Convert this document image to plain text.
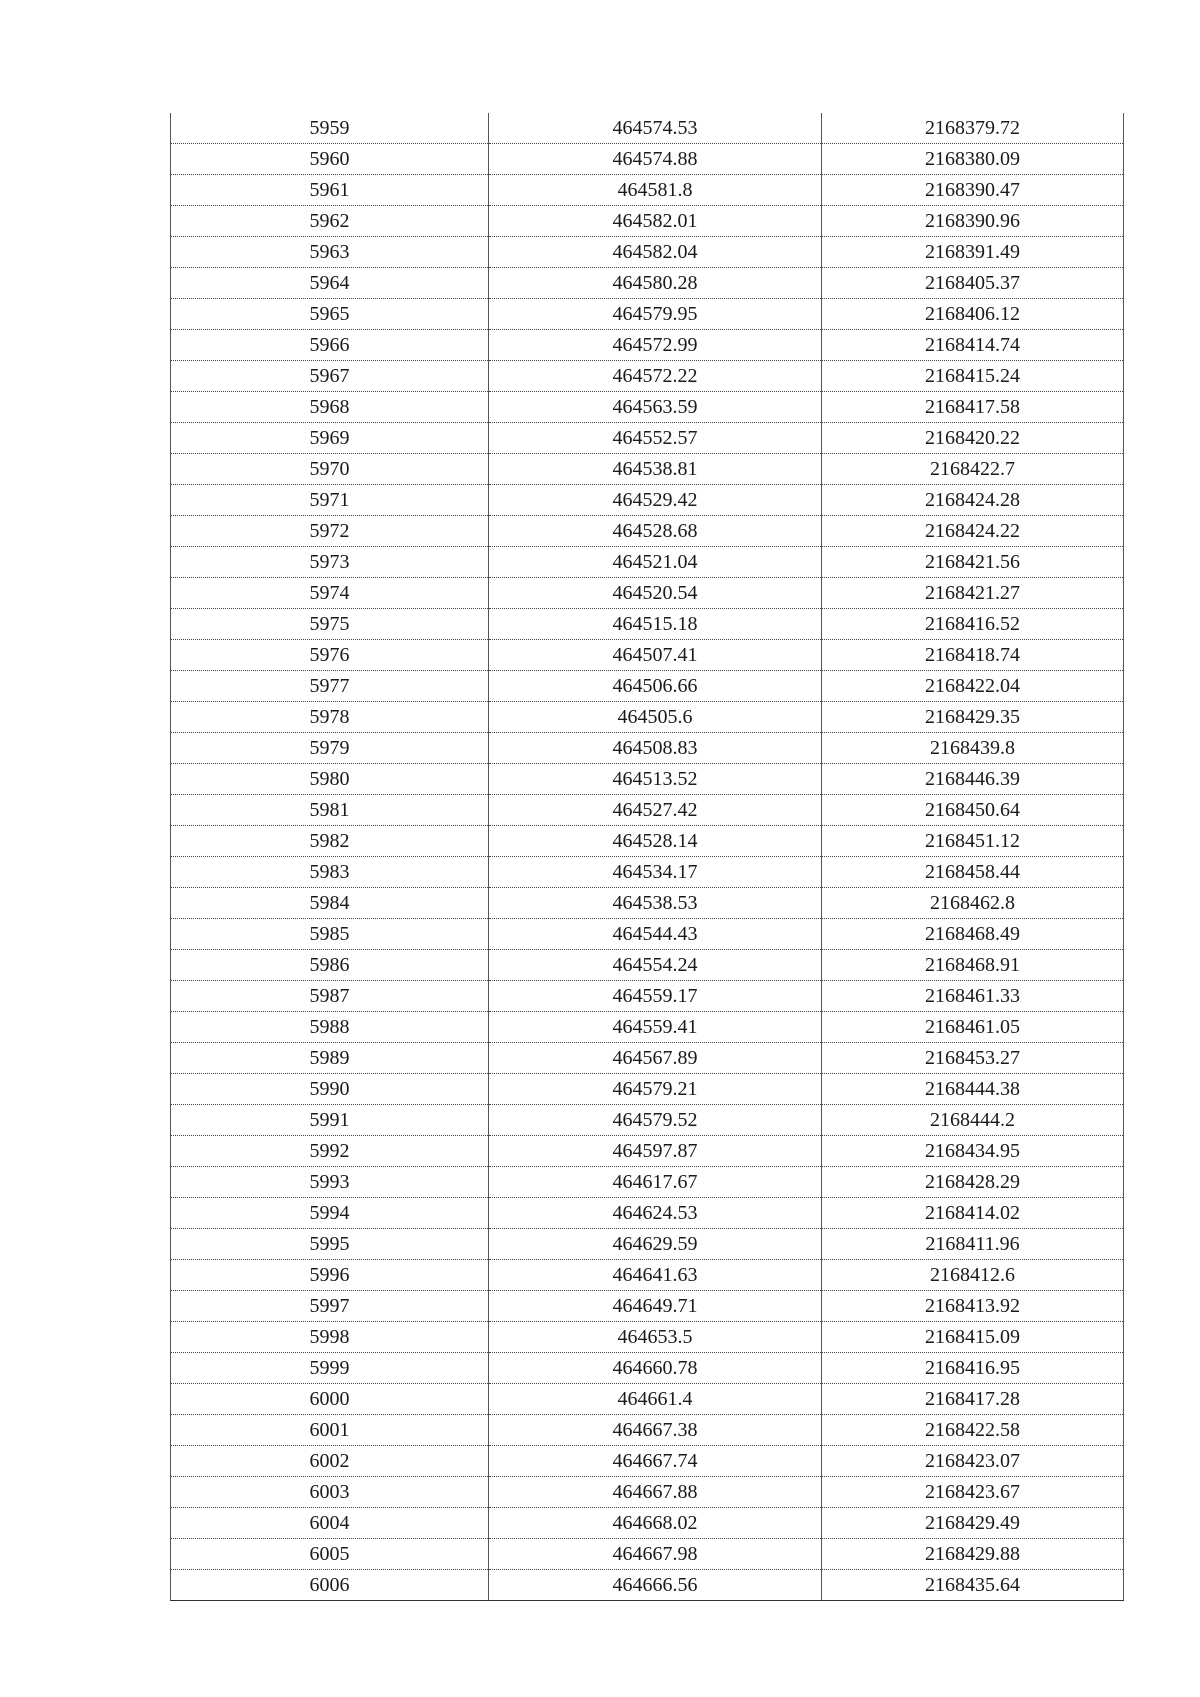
5959	464574.53	2168379.72
5960	464574.88	2168380.09
5961	464581.8	2168390.47
5962	464582.01	2168390.96
5963	464582.04	2168391.49
5964	464580.28	2168405.37
5965	464579.95	2168406.12
5966	464572.99	2168414.74
5967	464572.22	2168415.24
5968	464563.59	2168417.58
5969	464552.57	2168420.22
5970	464538.81	2168422.7
5971	464529.42	2168424.28
5972	464528.68	2168424.22
5973	464521.04	2168421.56
5974	464520.54	2168421.27
5975	464515.18	2168416.52
5976	464507.41	2168418.74
5977	464506.66	2168422.04
5978	464505.6	2168429.35
5979	464508.83	2168439.8
5980	464513.52	2168446.39
5981	464527.42	2168450.64
5982	464528.14	2168451.12
5983	464534.17	2168458.44
5984	464538.53	2168462.8
5985	464544.43	2168468.49
5986	464554.24	2168468.91
5987	464559.17	2168461.33
5988	464559.41	2168461.05
5989	464567.89	2168453.27
5990	464579.21	2168444.38
5991	464579.52	2168444.2
5992	464597.87	2168434.95
5993	464617.67	2168428.29
5994	464624.53	2168414.02
5995	464629.59	2168411.96
5996	464641.63	2168412.6
5997	464649.71	2168413.92
5998	464653.5	2168415.09
5999	464660.78	2168416.95
6000	464661.4	2168417.28
6001	464667.38	2168422.58
6002	464667.74	2168423.07
6003	464667.88	2168423.67
6004	464668.02	2168429.49
6005	464667.98	2168429.88
6006	464666.56	2168435.64
